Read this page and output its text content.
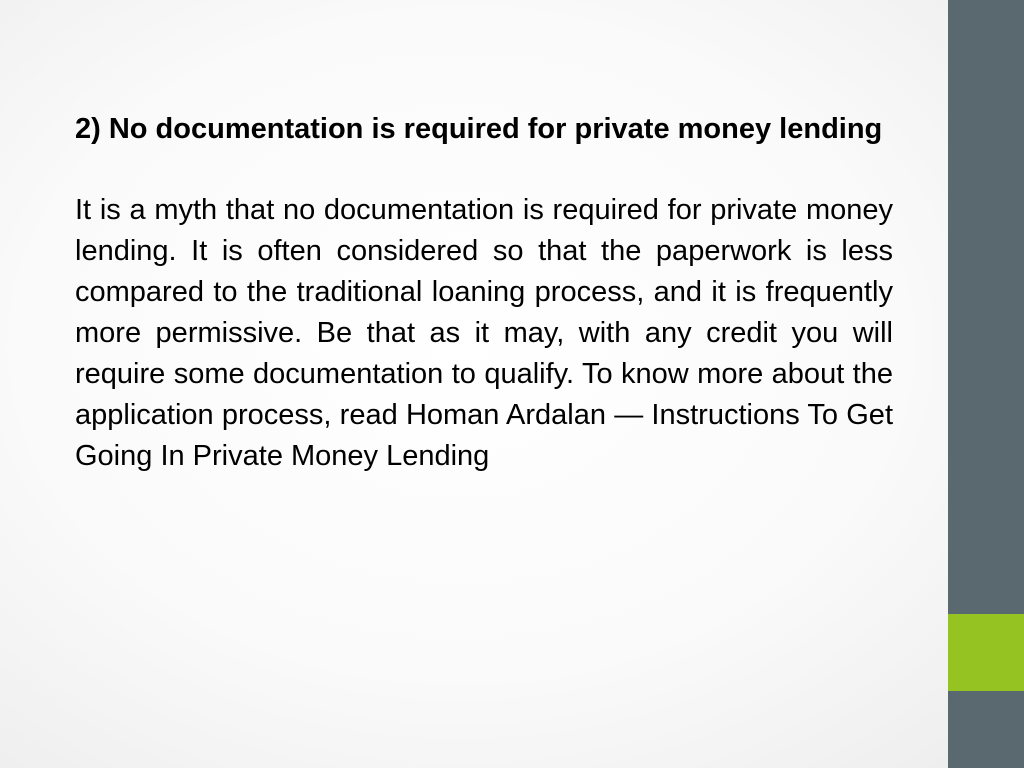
2) No documentation is required for private money lending

It is a myth that no documentation is required for private money lending. It is often considered so that the paperwork is less compared to the traditional loaning process, and it is frequently more permissive. Be that as it may, with any credit you will require some documentation to qualify. To know more about the application process, read Homan Ardalan — Instructions To Get Going In Private Money Lending
